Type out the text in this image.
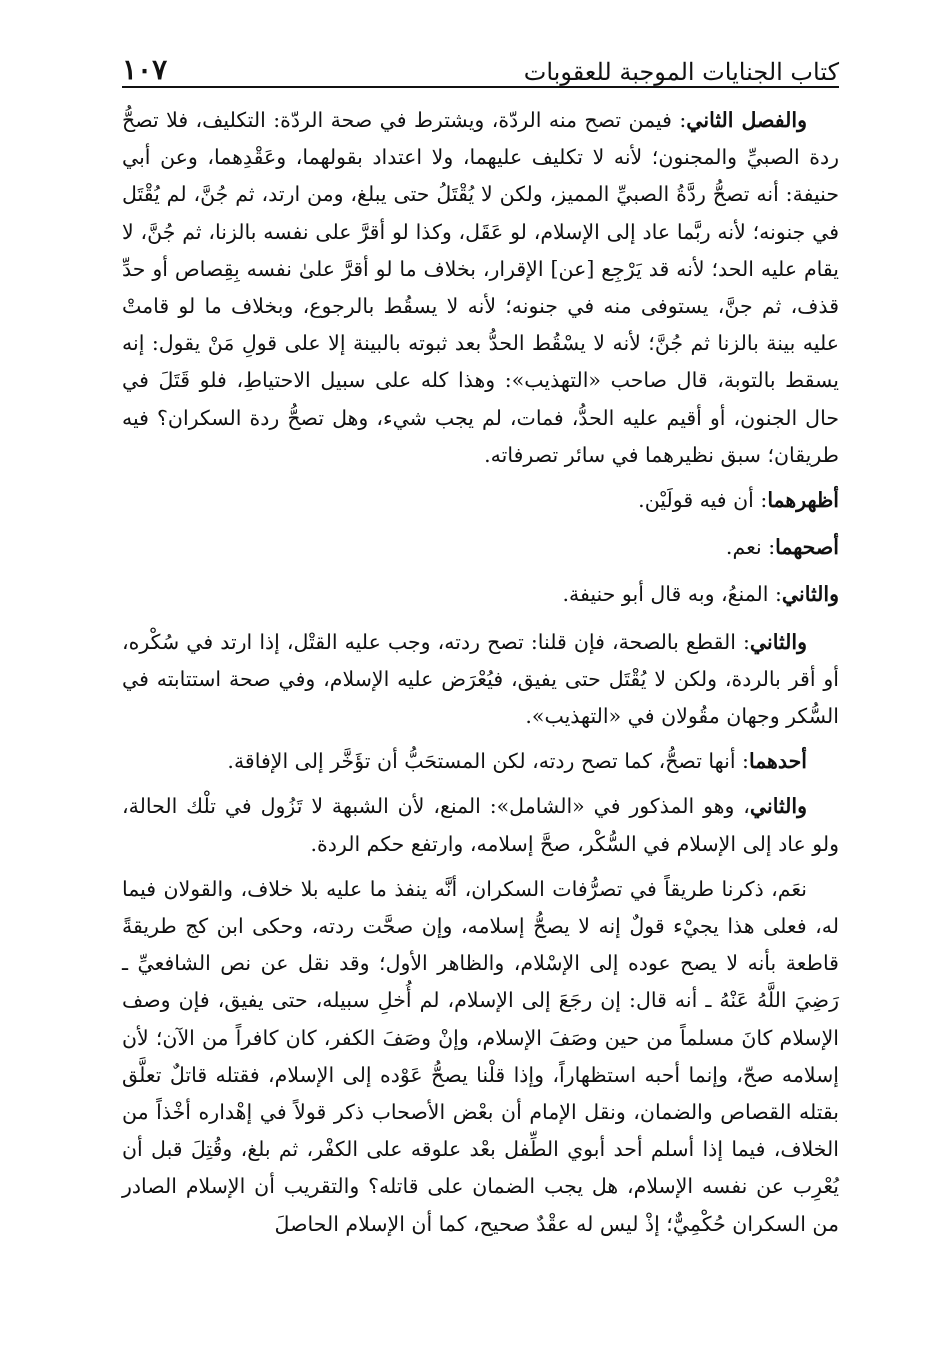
كتاب الجنايات الموجبة للعقوبات
١٠٧

والفصل الثاني: فيمن تصح منه الردّة، ويشترط في صحة الردّة: التكليف، فلا تصحُّ ردة الصبيِّ والمجنون؛ لأنه لا تكليف عليهما، ولا اعتداد بقولهما، وعَقْدِهما، وعن أبي حنيفة: أنه تصحُّ ردَّةُ الصبيِّ المميز، ولكن لا يُقْتَلُ حتى يبلغ، ومن ارتد، ثم جُنَّ، لم يُقْتَل في جنونه؛ لأنه ربَّما عاد إلى الإسلام، لو عَقَل، وكذا لو أقرَّ على نفسه بالزنا، ثم جُنَّ، لا يقام عليه الحد؛ لأنه قد يَرْجِع [عن] الإقرار، بخلاف ما لو أقرَّ علىٰ نفسه بِقِصاص أو حدِّ قذف، ثم جنَّ، يستوفى منه في جنونه؛ لأنه لا يسقُط بالرجوع، وبخلاف ما لو قامتْ عليه بينة بالزنا ثم جُنَّ؛ لأنه لا يسْقُط الحدُّ بعد ثبوته بالبينة إلا على قولِ مَنْ يقول: إنه يسقط بالتوبة، قال صاحب «التهذيب»: وهذا كله على سبيل الاحتياطِ، فلو قَتَلَ في حال الجنون، أو أقيم عليه الحدُّ، فمات، لم يجب شيء، وهل تصحُّ ردة السكران؟ فيه طريقان؛ سبق نظيرهما في سائر تصرفاته.

أظهرهما: أن فيه قولَيْن.

أصحهما: نعم.

والثاني: المنعُ، وبه قال أبو حنيفة.

والثاني: القطع بالصحة، فإن قلنا: تصح ردته، وجب عليه القتْل، إذا ارتد في سُكْره، أو أقر بالردة، ولكن لا يُقْتَل حتى يفيق، فيُعْرَض عليه الإسلام، وفي صحة استتابته في السُّكر وجهان مقُولان في «التهذيب».

أحدهما: أنها تصحُّ، كما تصح ردته، لكن المستحَبُّ أن تؤَخَّر إلى الإفاقة.

والثاني، وهو المذكور في «الشامل»: المنع، لأن الشبهة لا تَزُول في تلْك الحالة، ولو عاد إلى الإسلام في السُّكْر، صحَّ إسلامه، وارتفع حكم الردة.

نعَم، ذكرنا طريقاً في تصرُّفات السكران، أنَّه ينفذ ما عليه بلا خلاف، والقولان فيما له، فعلى هذا يجيْء قولٌ إنه لا يصحُّ إسلامه، وإن صحَّت ردته، وحكى ابن كج طريقةً قاطعة بأنه لا يصح عوده إلى الإسْلام، والظاهر الأول؛ وقد نقل عن نص الشافعيِّ ـ رَضِيَ اللَّهُ عَنْهُ ـ أنه قال: إن رجَعَ إلى الإسلام، لم أُخلِ سبيله، حتى يفيق، فإن وصف الإسلام كانَ مسلماً من حين وصَفَ الإسلام، وإنْ وصَفَ الكفر، كان كافراً من الآن؛ لأن إسلامه صحّ، وإنما أحبه استظهاراً، وإذا قلْنا يصحُّ عَوْده إلى الإسلام، فقتله قاتلٌ تعلَّق بقتله القصاص والضمان، ونقل الإمام أن بعْض الأصحاب ذكر قولاً في إهْداره أخْذاً من الخلاف، فيما إذا أسلم أحد أبوي الطِّفل بعْد علوقه على الكفْر، ثم بلغ، وقُتِلَ قبل أن يُعْرِب عن نفسه الإسلام، هل يجب الضمان على قاتله؟ والتقريب أن الإسلام الصادر من السكران حُكْمِيٌّ؛ إذْ ليس له عقْدٌ صحيح، كما أن الإسلام الحاصلَ
